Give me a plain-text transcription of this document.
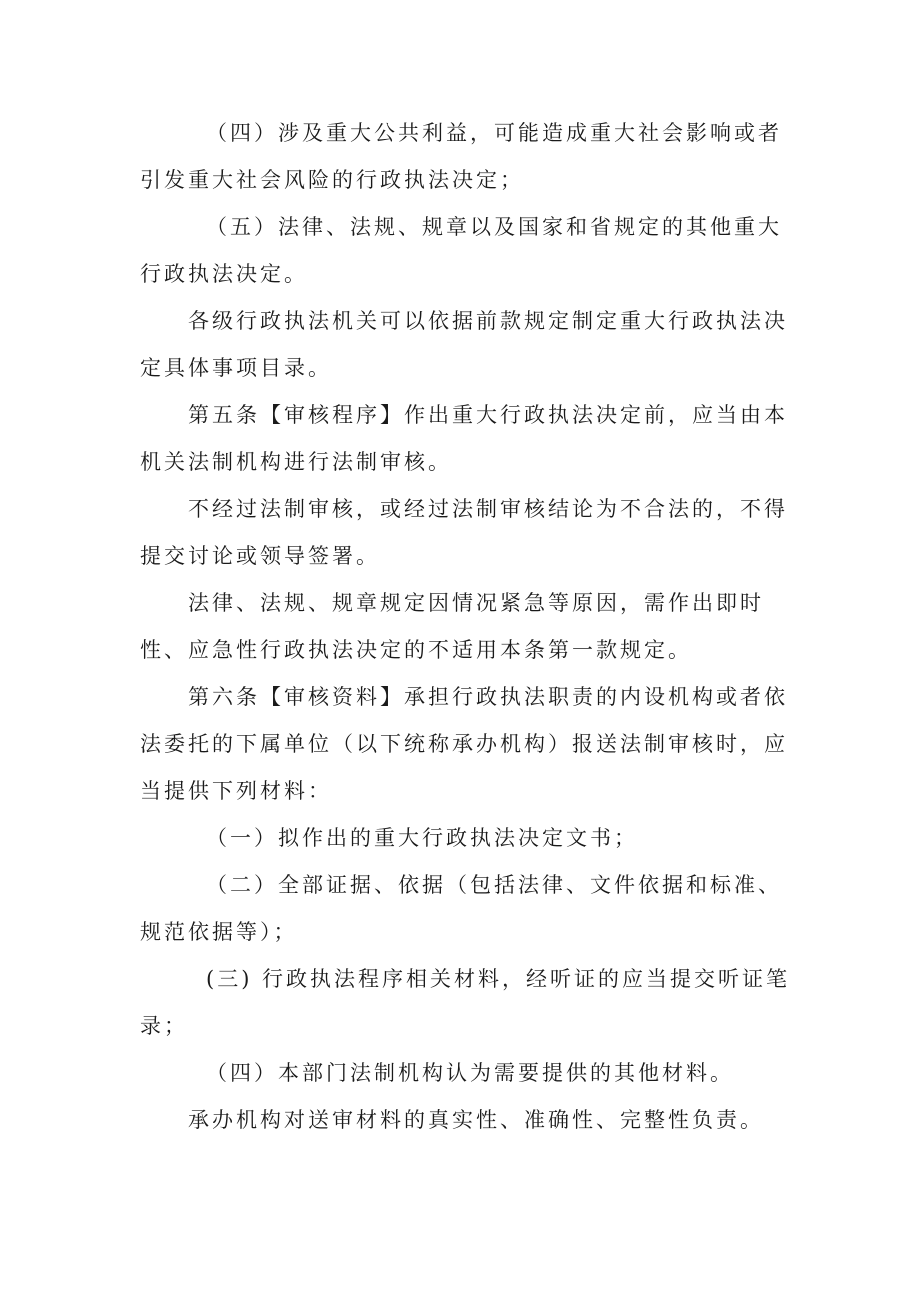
（四）涉及重大公共利益，可能造成重大社会影响或者引发重大社会风险的行政执法决定；

（五）法律、法规、规章以及国家和省规定的其他重大行政执法决定。

各级行政执法机关可以依据前款规定制定重大行政执法决定具体事项目录。

第五条【审核程序】作出重大行政执法决定前，应当由本机关法制机构进行法制审核。

不经过法制审核，或经过法制审核结论为不合法的，不得提交讨论或领导签署。

法律、法规、规章规定因情况紧急等原因，需作出即时性、应急性行政执法决定的不适用本条第一款规定。

第六条【审核资料】承担行政执法职责的内设机构或者依法委托的下属单位（以下统称承办机构）报送法制审核时，应当提供下列材料：

（一）拟作出的重大行政执法决定文书；

（二）全部证据、依据（包括法律、文件依据和标准、规范依据等）；

(三) 行政执法程序相关材料，经听证的应当提交听证笔录；

（四）本部门法制机构认为需要提供的其他材料。

承办机构对送审材料的真实性、准确性、完整性负责。
